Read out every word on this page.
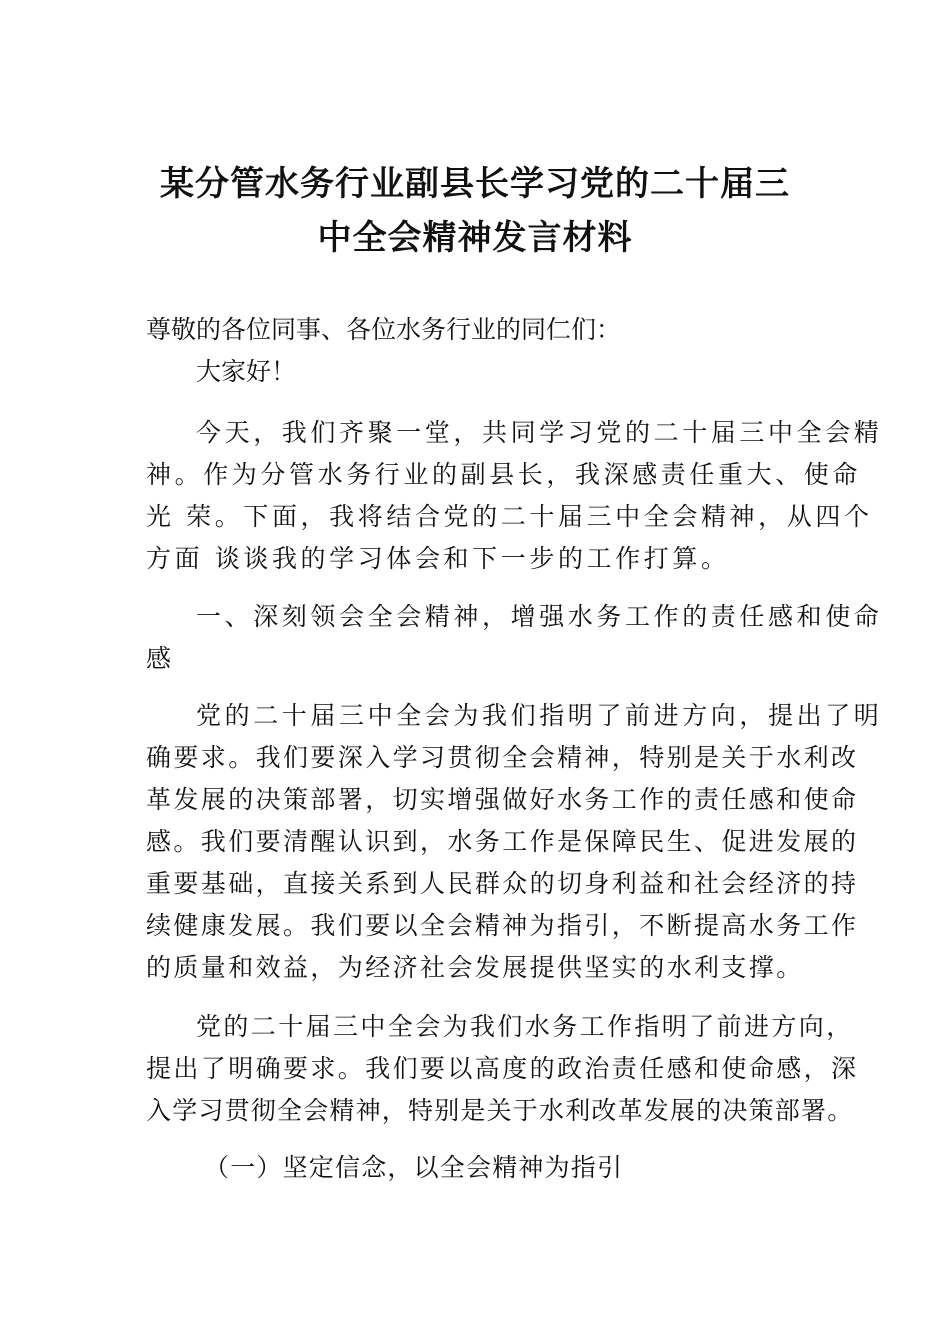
某分管水务行业副县长学习党的二十届三
中全会精神发言材料
尊敬的各位同事、各位水务行业的同仁们：
大家好！
今天，我们齐聚一堂，共同学习党的二十届三中全会精
神。作为分管水务行业的副县长，我深感责任重大、使命
光 荣。下面，我将结合党的二十届三中全会精神，从四个
方面 谈谈我的学习体会和下一步的工作打算。
一、深刻领会全会精神，增强水务工作的责任感和使命
感
党的二十届三中全会为我们指明了前进方向，提出了明
确要求。我们要深入学习贯彻全会精神，特别是关于水利改
革发展的决策部署，切实增强做好水务工作的责任感和使命
感。我们要清醒认识到，水务工作是保障民生、促进发展的
重要基础，直接关系到人民群众的切身利益和社会经济的持
续健康发展。我们要以全会精神为指引，不断提高水务工作
的质量和效益，为经济社会发展提供坚实的水利支撑。
党的二十届三中全会为我们水务工作指明了前进方向，
提出了明确要求。我们要以高度的政治责任感和使命感，深
入学习贯彻全会精神，特别是关于水利改革发展的决策部署。
（一）坚定信念，以全会精神为指引
